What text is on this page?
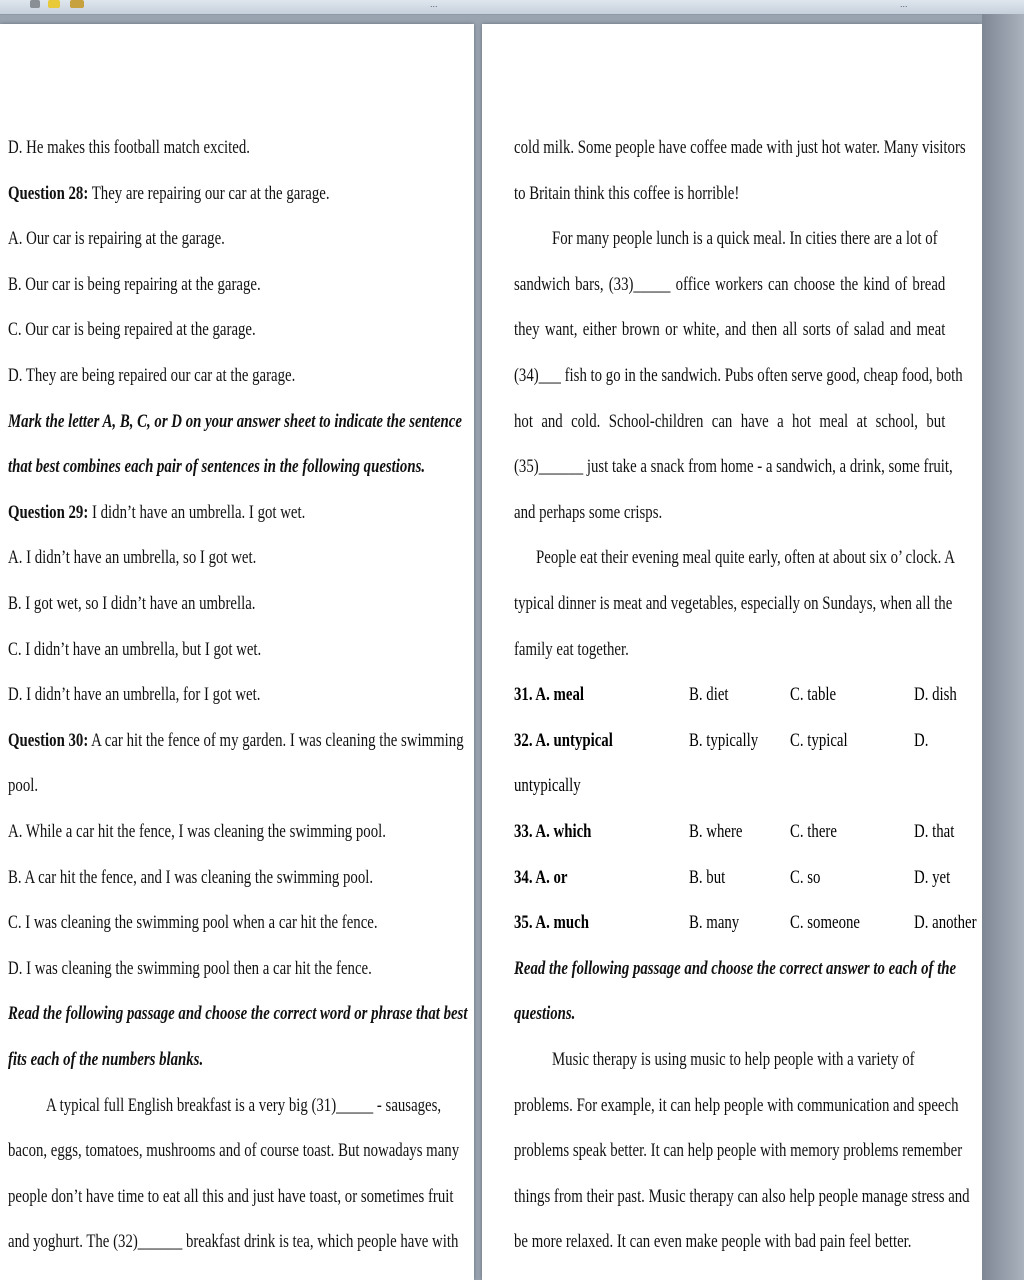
...	...
D. He makes this football match excited.
Question 28: They are repairing our car at the garage.
A. Our car is repairing at the garage.
B. Our car is being repairing at the garage.
C. Our car is being repaired at the garage.
D. They are being repaired our car at the garage.
Mark the letter A, B, C, or D on your answer sheet to indicate the sentence
that best combines each pair of sentences in the following questions.
Question 29: I didn’t have an umbrella. I got wet.
A. I didn’t have an umbrella, so I got wet.
B. I got wet, so I didn’t have an umbrella.
C. I didn’t have an umbrella, but I got wet.
D. I didn’t have an umbrella, for I got wet.
Question 30: A car hit the fence of my garden. I was cleaning the swimming
pool.
A. While a car hit the fence, I was cleaning the swimming pool.
B. A car hit the fence, and I was cleaning the swimming pool.
C. I was cleaning the swimming pool when a car hit the fence.
D. I was cleaning the swimming pool then a car hit the fence.
Read the following passage and choose the correct word or phrase that best
fits each of the numbers blanks.
A typical full English breakfast is a very big (31)_____ - sausages,
bacon, eggs, tomatoes, mushrooms and of course toast. But nowadays many
people don’t have time to eat all this and just have toast, or sometimes fruit
and yoghurt. The (32)______ breakfast drink is tea, which people have with
cold milk. Some people have coffee made with just hot water. Many visitors
to Britain think this coffee is horrible!
For many people lunch is a quick meal. In cities there are a lot of
sandwich bars, (33)_____ office workers can choose the kind of bread
they want, either brown or white, and then all sorts of salad and meat
(34)___ fish to go in the sandwich. Pubs often serve good, cheap food, both
hot and cold. School-children can have a hot meal at school, but
(35)______ just take a snack from home - a sandwich, a drink, some fruit,
and perhaps some crisps.
People eat their evening meal quite early, often at about six o’ clock. A
typical dinner is meat and vegetables, especially on Sundays, when all the
family eat together.
31. A. meal	B. diet	C. table	D. dish
32. A. untypical	B. typically C. typical	D.
untypically
33. A. which	B. where C. there	D. that
34. A. or	B. but	C. so	D. yet
35. A. much	B. many	C. someone	D. another
Read the following passage and choose the correct answer to each of the
questions.
Music therapy is using music to help people with a variety of
problems. For example, it can help people with communication and speech
problems speak better. It can help people with memory problems remember
things from their past. Music therapy can also help people manage stress and
be more relaxed. It can even make people with bad pain feel better.
